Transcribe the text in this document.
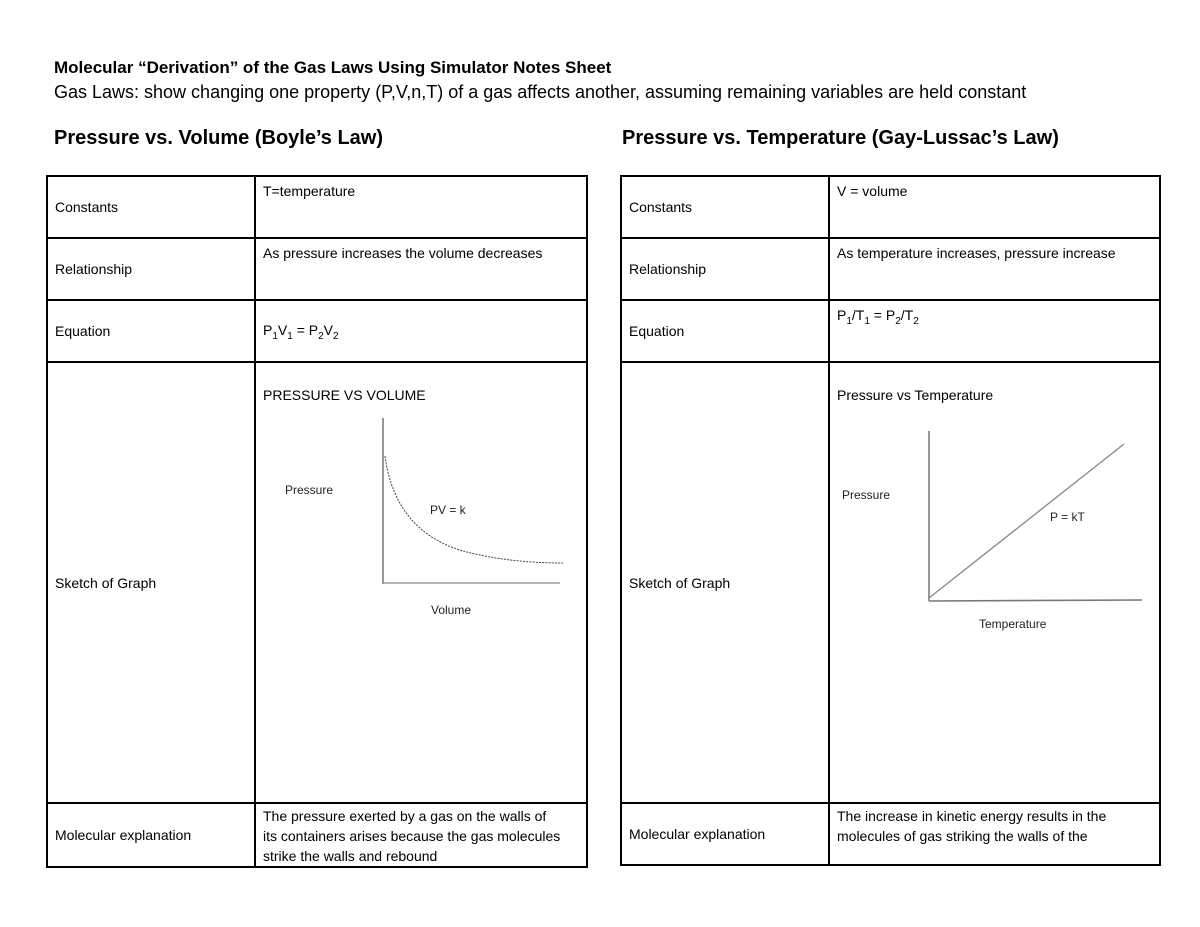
Molecular “Derivation” of the Gas Laws Using Simulator Notes Sheet
Gas Laws: show changing one property (P,V,n,T) of a gas affects another, assuming remaining variables are held constant
Pressure vs. Volume (Boyle’s Law)	Pressure vs. Temperature (Gay-Lussac’s Law)
Constants	T=temperature
Relationship	As pressure increases the volume decreases
Equation	$P_1V_1 = P_2V_2$
Sketch of Graph	PRESSURE VS VOLUME
Pressure
Volume
PV = k

Molecular explanation	The pressure exerted by a gas on the walls of
its containers arises because the gas molecules
strike the walls and rebound
Constants	V = volume
Relationship	As temperature increases, pressure increase
Equation	$P_1/T_1 = P_2/T_2$
Sketch of Graph	Pressure vs Temperature
Pressure
Temperature
P = kT

Molecular explanation	The increase in kinetic energy results in the
molecules of gas striking the walls of the
